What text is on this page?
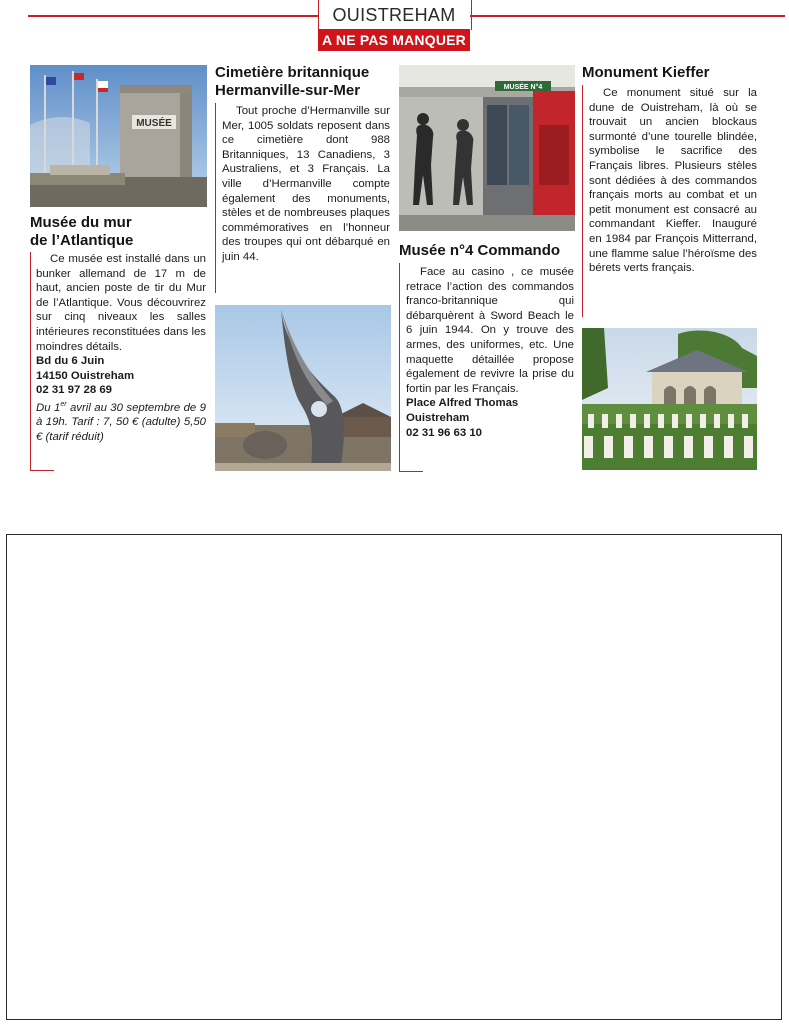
OUISTREHAM
A NE PAS MANQUER
MUSÉE
Musée du mur
de l’Atlantique

Ce musée est installé dans un bunker allemand de 17 m de haut, ancien poste de tir du Mur de l’Atlantique. Vous découvrirez sur cinq niveaux les salles intérieures reconstituées dans les moindres détails.

Bd du 6 Juin
14150 Ouistreham
02 31 97 28 69
Du 1er avril au 30 septembre de 9 à 19h. Tarif : 7, 50 € (adulte) 5,50 € (tarif réduit)
Cimetière britannique
Hermanville-sur-Mer

Tout proche d’Hermanville sur Mer, 1005 soldats reposent dans ce cimetière dont 988 Britanniques, 13 Canadiens, 3 Australiens, et 3 Français. La ville d’Hermanville compte également des monuments, stèles et de nombreuses plaques commémoratives en l’honneur des troupes qui ont débarqué en juin 44.

MUSÉE N°4
Musée n°4 Commando

Face au casino , ce musée retrace l’action des commandos franco-britannique qui débarquèrent à Sword Beach le 6 juin 1944. On y trouve des armes, des uniformes, etc. Une maquette détaillée propose également de revivre la prise du fortin par les Français.

Place Alfred Thomas
Ouistreham
02 31 96 63 10
Monument Kieffer

Ce monument situé sur la dune de Ouistreham, là où se trouvait un ancien blockaus surmonté d’une tourelle blindée, symbolise le sacrifice des Français libres. Plusieurs stèles sont dédiées à des commandos français morts au combat et un petit monument est consacré au commandant Kieffer. Inauguré en 1984 par François Mitterrand, une flamme salue l’héroïsme des bérets verts français.
